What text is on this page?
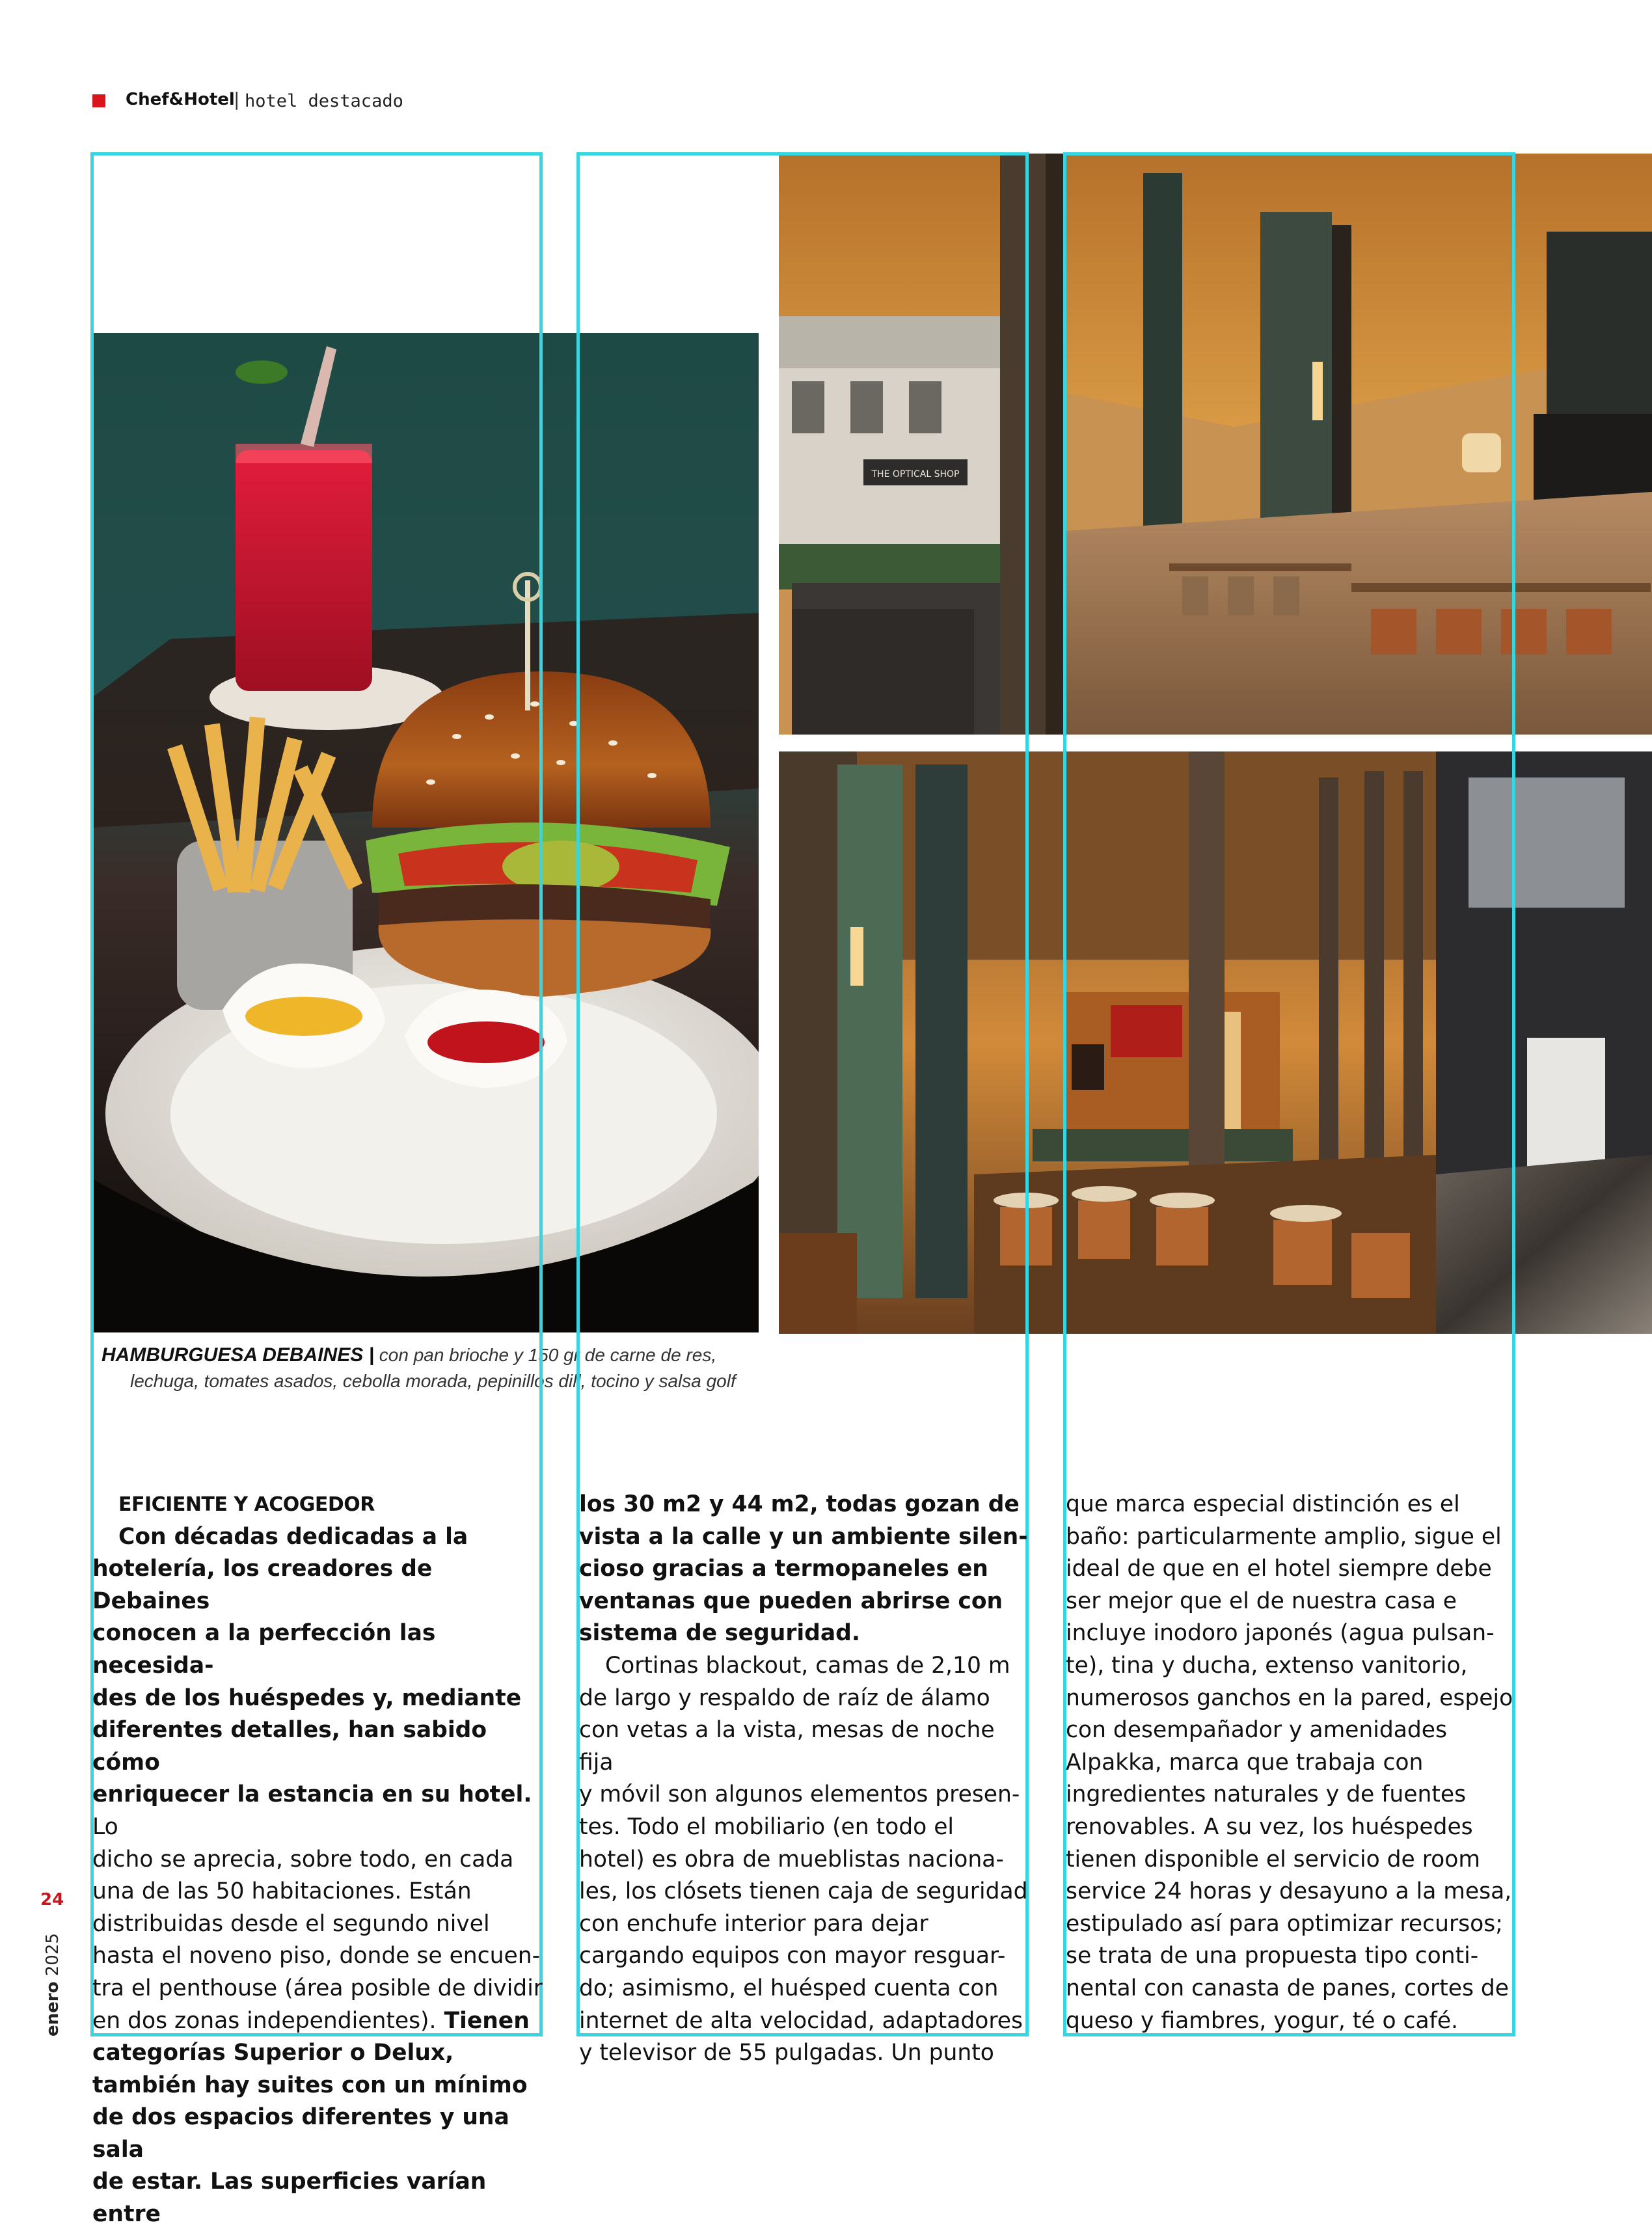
Chef&Hotel
| hotel destacado
THE OPTICAL SHOP
HAMBURGUESA DEBAINES | con pan brioche y 150 gr de carne de res,
lechuga, tomates asados, cebolla morada, pepinillos dill, tocino y salsa golf

EFICIENTE Y ACOGEDOR

Con décadas dedicadas a la

hotelería, los creadores de Debaines

conocen a la perfección las necesida-

des de los huéspedes y, mediante

diferentes detalles, han sabido cómo

enriquecer la estancia en su hotel. Lo

dicho se aprecia, sobre todo, en cada

una de las 50 habitaciones. Están

distribuidas desde el segundo nivel

hasta el noveno piso, donde se encuen-

tra el penthouse (área posible de dividir

en dos zonas independientes). Tienen

categorías Superior o Delux,

también hay suites con un mínimo

de dos espacios diferentes y una sala

de estar. Las superficies varían entre

los 30 m2 y 44 m2, todas gozan de

vista a la calle y un ambiente silen-

cioso gracias a termopaneles en

ventanas que pueden abrirse con

sistema de seguridad.

Cortinas blackout, camas de 2,10 m

de largo y respaldo de raíz de álamo

con vetas a la vista, mesas de noche fija

y móvil son algunos elementos presen-

tes. Todo el mobiliario (en todo el

hotel) es obra de mueblistas naciona-

les, los clósets tienen caja de seguridad

con enchufe interior para dejar

cargando equipos con mayor resguar-

do; asimismo, el huésped cuenta con

internet de alta velocidad, adaptadores

y televisor de 55 pulgadas. Un punto

que marca especial distinción es el

baño: particularmente amplio, sigue el

ideal de que en el hotel siempre debe

ser mejor que el de nuestra casa e

incluye inodoro japonés (agua pulsan-

te), tina y ducha, extenso vanitorio,

numerosos ganchos en la pared, espejo

con desempañador y amenidades

Alpakka, marca que trabaja con

ingredientes naturales y de fuentes

renovables. A su vez, los huéspedes

tienen disponible el servicio de room

service 24 horas y desayuno a la mesa,

estipulado así para optimizar recursos;

se trata de una propuesta tipo conti-

nental con canasta de panes, cortes de

queso y fiambres, yogur, té o café.

24
enero 2025
